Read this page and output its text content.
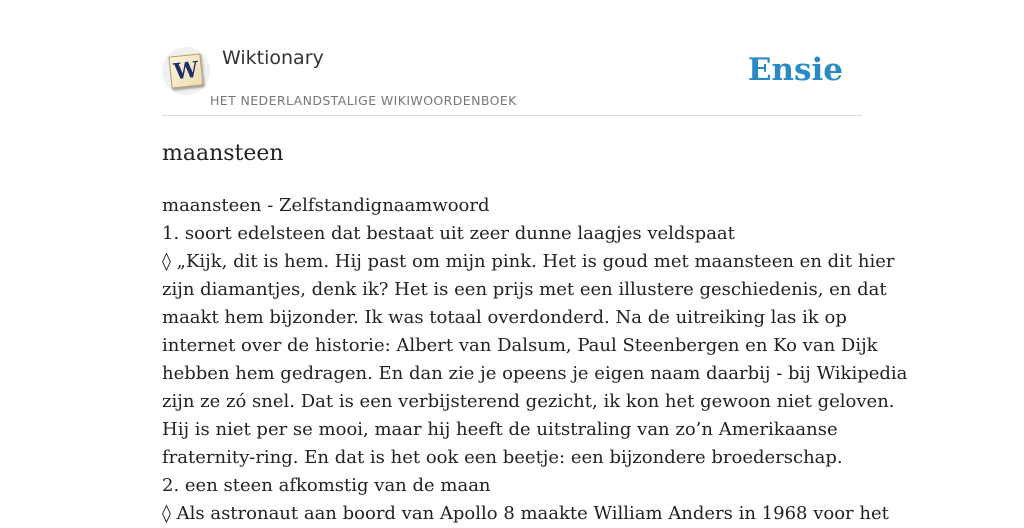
W Wiktionary
HET NEDERLANDSTALIGE WIKIWOORDENBOEK
Ensie
maansteen
maansteen - Zelfstandignaamwoord
1. soort edelsteen dat bestaat uit zeer dunne laagjes veldspaat
◊ „Kijk, dit is hem. Hij past om mijn pink. Het is goud met maansteen en dit hier
zijn diamantjes, denk ik? Het is een prijs met een illustere geschiedenis, en dat
maakt hem bijzonder. Ik was totaal overdonderd. Na de uitreiking las ik op
internet over de historie: Albert van Dalsum, Paul Steenbergen en Ko van Dijk
hebben hem gedragen. En dan zie je opeens je eigen naam daarbij - bij Wikipedia
zijn ze zó snel. Dat is een verbijsterend gezicht, ik kon het gewoon niet geloven.
Hij is niet per se mooi, maar hij heeft de uitstraling van zo’n Amerikaanse
fraternity-ring. En dat is het ook een beetje: een bijzondere broederschap.
2. een steen afkomstig van de maan
◊ Als astronaut aan boord van Apollo 8 maakte William Anders in 1968 voor het
